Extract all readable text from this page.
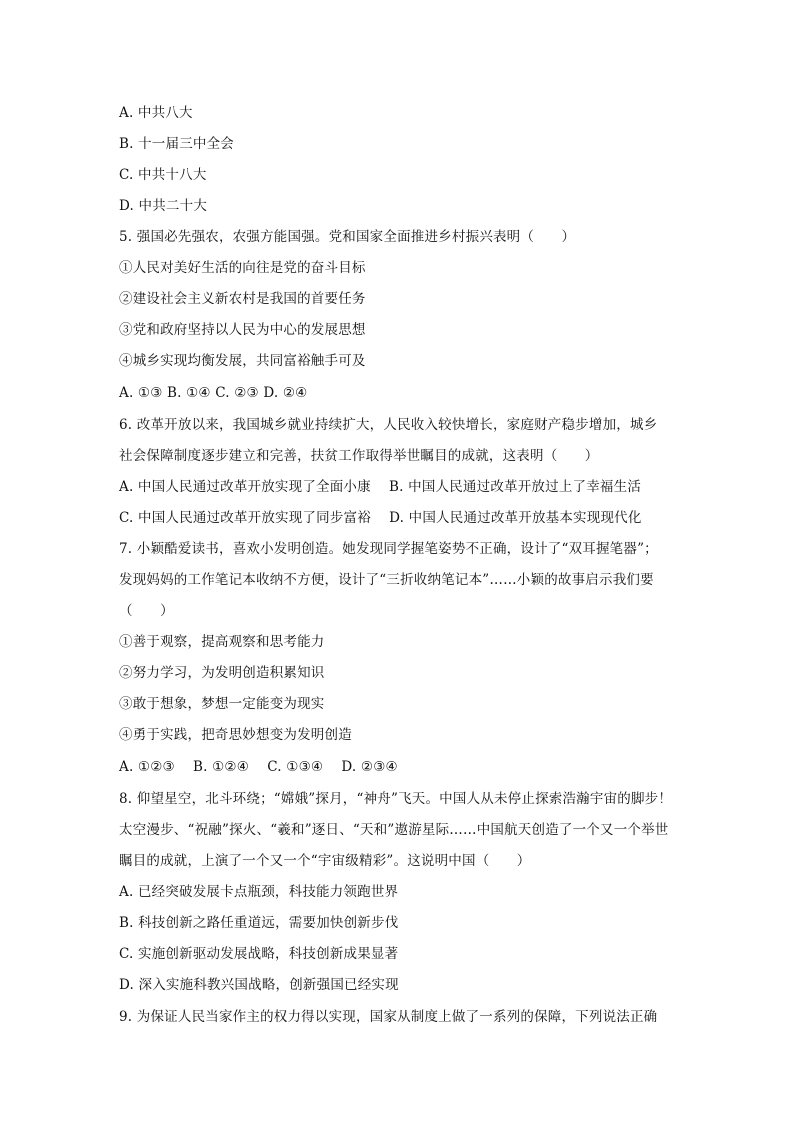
A. 中共八大
B. 十一届三中全会
C. 中共十八大
D. 中共二十大
5. 强国必先强农，农强方能国强。党和国家全面推进乡村振兴表明（　　）
①人民对美好生活的向往是党的奋斗目标
②建设社会主义新农村是我国的首要任务
③党和政府坚持以人民为中心的发展思想
④城乡实现均衡发展，共同富裕触手可及
A. ①③ B. ①④ C. ②③ D. ②④
6. 改革开放以来，我国城乡就业持续扩大，人民收入较快增长，家庭财产稳步增加，城乡
社会保障制度逐步建立和完善，扶贫工作取得举世瞩目的成就，这表明（　　）
A. 中国人民通过改革开放实现了全面小康　 B. 中国人民通过改革开放过上了幸福生活
C. 中国人民通过改革开放实现了同步富裕　 D. 中国人民通过改革开放基本实现现代化
7. 小颖酷爱读书，喜欢小发明创造。她发现同学握笔姿势不正确，设计了“双耳握笔器”；
发现妈妈的工作笔记本收纳不方便，设计了“三折收纳笔记本”……小颖的故事启示我们要
（　　）
①善于观察，提高观察和思考能力
②努力学习，为发明创造积累知识
③敢于想象，梦想一定能变为现实
④勇于实践，把奇思妙想变为发明创造
A. ①②③　 B. ①②④　 C. ①③④　 D. ②③④
8. 仰望星空，北斗环绕；“嫦娥”探月，“神舟”飞天。中国人从未停止探索浩瀚宇宙的脚步！
太空漫步、“祝融”探火、“羲和”逐日、“天和”遨游星际……中国航天创造了一个又一个举世
瞩目的成就，上演了一个又一个“宇宙级精彩”。这说明中国（　　）
A. 已经突破发展卡点瓶颈，科技能力领跑世界
B. 科技创新之路任重道远，需要加快创新步伐
C. 实施创新驱动发展战略，科技创新成果显著
D. 深入实施科教兴国战略，创新强国已经实现
9. 为保证人民当家作主的权力得以实现，国家从制度上做了一系列的保障，下列说法正确
